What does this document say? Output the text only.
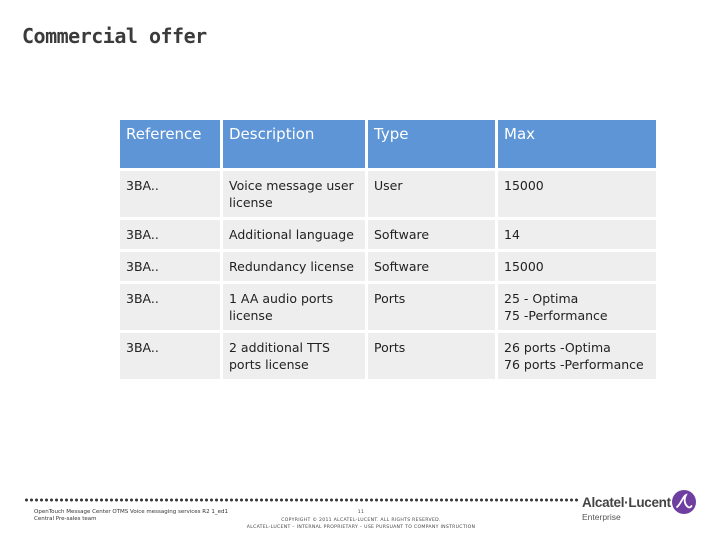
Commercial offer
Reference	Description	Type	Max
3BA..	Voice message user license	User	15000
3BA..	Additional language	Software	14
3BA..	Redundancy license	Software	15000
3BA..	1 AA audio ports license	Ports	25 - Optima
75 -Performance
3BA..	2 additional TTS ports license	Ports	26 ports -Optima
76 ports -Performance
OpenTouch Message Center OTMS Voice messaging services R2 1_ed1
Central Pre-sales team
11
COPYRIGHT © 2011 ALCATEL-LUCENT. ALL RIGHTS RESERVED.
ALCATEL-LUCENT – INTERNAL PROPRIETARY – USE PURSUANT TO COMPANY INSTRUCTION
Alcatel·Lucent
Enterprise
